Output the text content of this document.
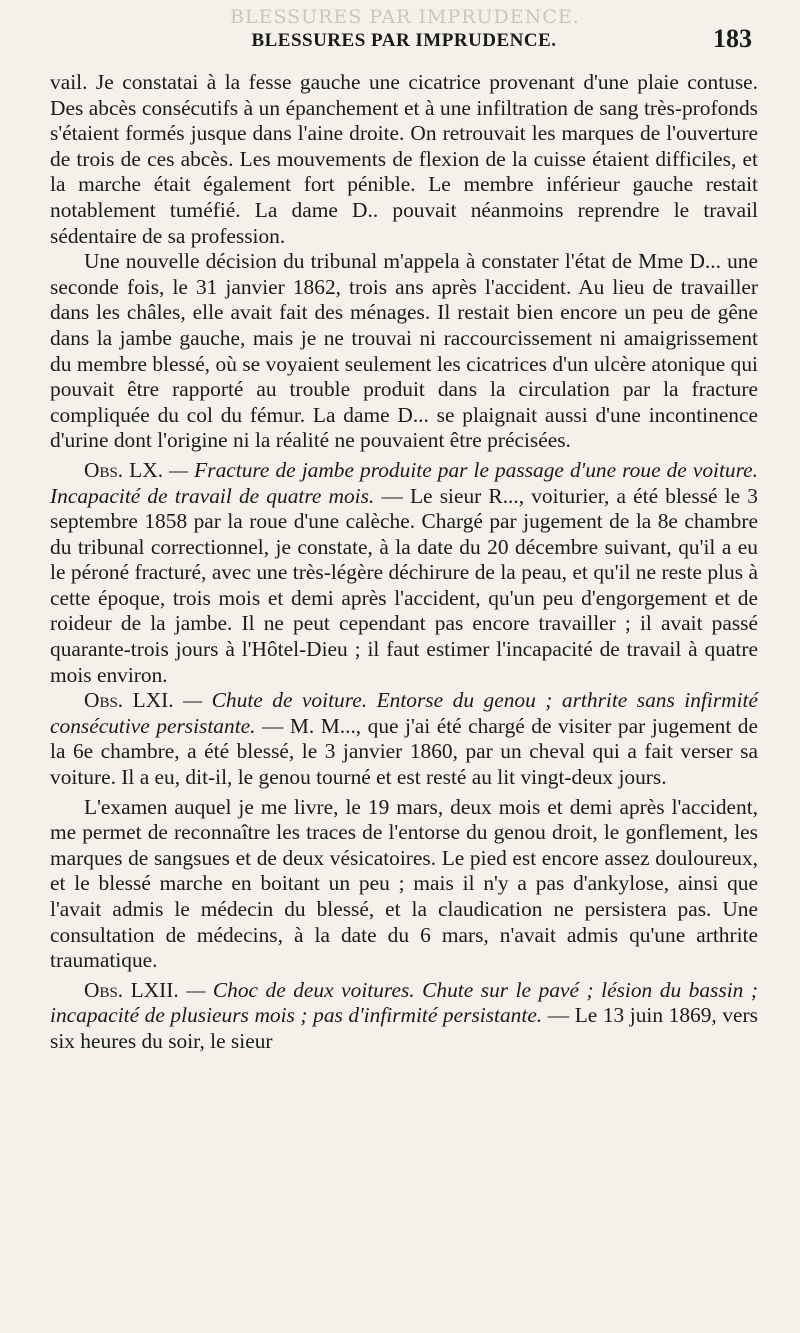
BLESSURES PAR IMPRUDENCE.
BLESSURES PAR IMPRUDENCE.	183

vail. Je constatai à la fesse gauche une cicatrice provenant d'une plaie contuse. Des abcès consécutifs à un épanchement et à une infiltration de sang très-profonds s'étaient formés jusque dans l'aine droite. On retrouvait les marques de l'ouverture de trois de ces abcès. Les mouvements de flexion de la cuisse étaient difficiles, et la marche était également fort pénible. Le membre inférieur gauche restait notablement tuméfié. La dame D.. pouvait néanmoins reprendre le travail sédentaire de sa profession.

Une nouvelle décision du tribunal m'appela à constater l'état de Mme D... une seconde fois, le 31 janvier 1862, trois ans après l'accident. Au lieu de travailler dans les châles, elle avait fait des ménages. Il restait bien encore un peu de gêne dans la jambe gauche, mais je ne trouvai ni raccourcissement ni amaigrissement du membre blessé, où se voyaient seulement les cicatrices d'un ulcère atonique qui pouvait être rapporté au trouble produit dans la circulation par la fracture compliquée du col du fémur. La dame D... se plaignait aussi d'une incontinence d'urine dont l'origine ni la réalité ne pouvaient être précisées.

Obs. LX. — Fracture de jambe produite par le passage d'une roue de voiture. Incapacité de travail de quatre mois. — Le sieur R..., voiturier, a été blessé le 3 septembre 1858 par la roue d'une calèche. Chargé par jugement de la 8e chambre du tribunal correctionnel, je constate, à la date du 20 décembre suivant, qu'il a eu le péroné fracturé, avec une très-légère déchirure de la peau, et qu'il ne reste plus à cette époque, trois mois et demi après l'accident, qu'un peu d'engorgement et de roideur de la jambe. Il ne peut cependant pas encore travailler ; il avait passé quarante-trois jours à l'Hôtel-Dieu ; il faut estimer l'incapacité de travail à quatre mois environ.

Obs. LXI. — Chute de voiture. Entorse du genou ; arthrite sans infirmité consécutive persistante. — M. M..., que j'ai été chargé de visiter par jugement de la 6e chambre, a été blessé, le 3 janvier 1860, par un cheval qui a fait verser sa voiture. Il a eu, dit-il, le genou tourné et est resté au lit vingt-deux jours.

L'examen auquel je me livre, le 19 mars, deux mois et demi après l'accident, me permet de reconnaître les traces de l'entorse du genou droit, le gonflement, les marques de sangsues et de deux vésicatoires. Le pied est encore assez douloureux, et le blessé marche en boitant un peu ; mais il n'y a pas d'ankylose, ainsi que l'avait admis le médecin du blessé, et la claudication ne persistera pas. Une consultation de médecins, à la date du 6 mars, n'avait admis qu'une arthrite traumatique.

Obs. LXII. — Choc de deux voitures. Chute sur le pavé ; lésion du bassin ; incapacité de plusieurs mois ; pas d'infirmité persistante. — Le 13 juin 1869, vers six heures du soir, le sieur
